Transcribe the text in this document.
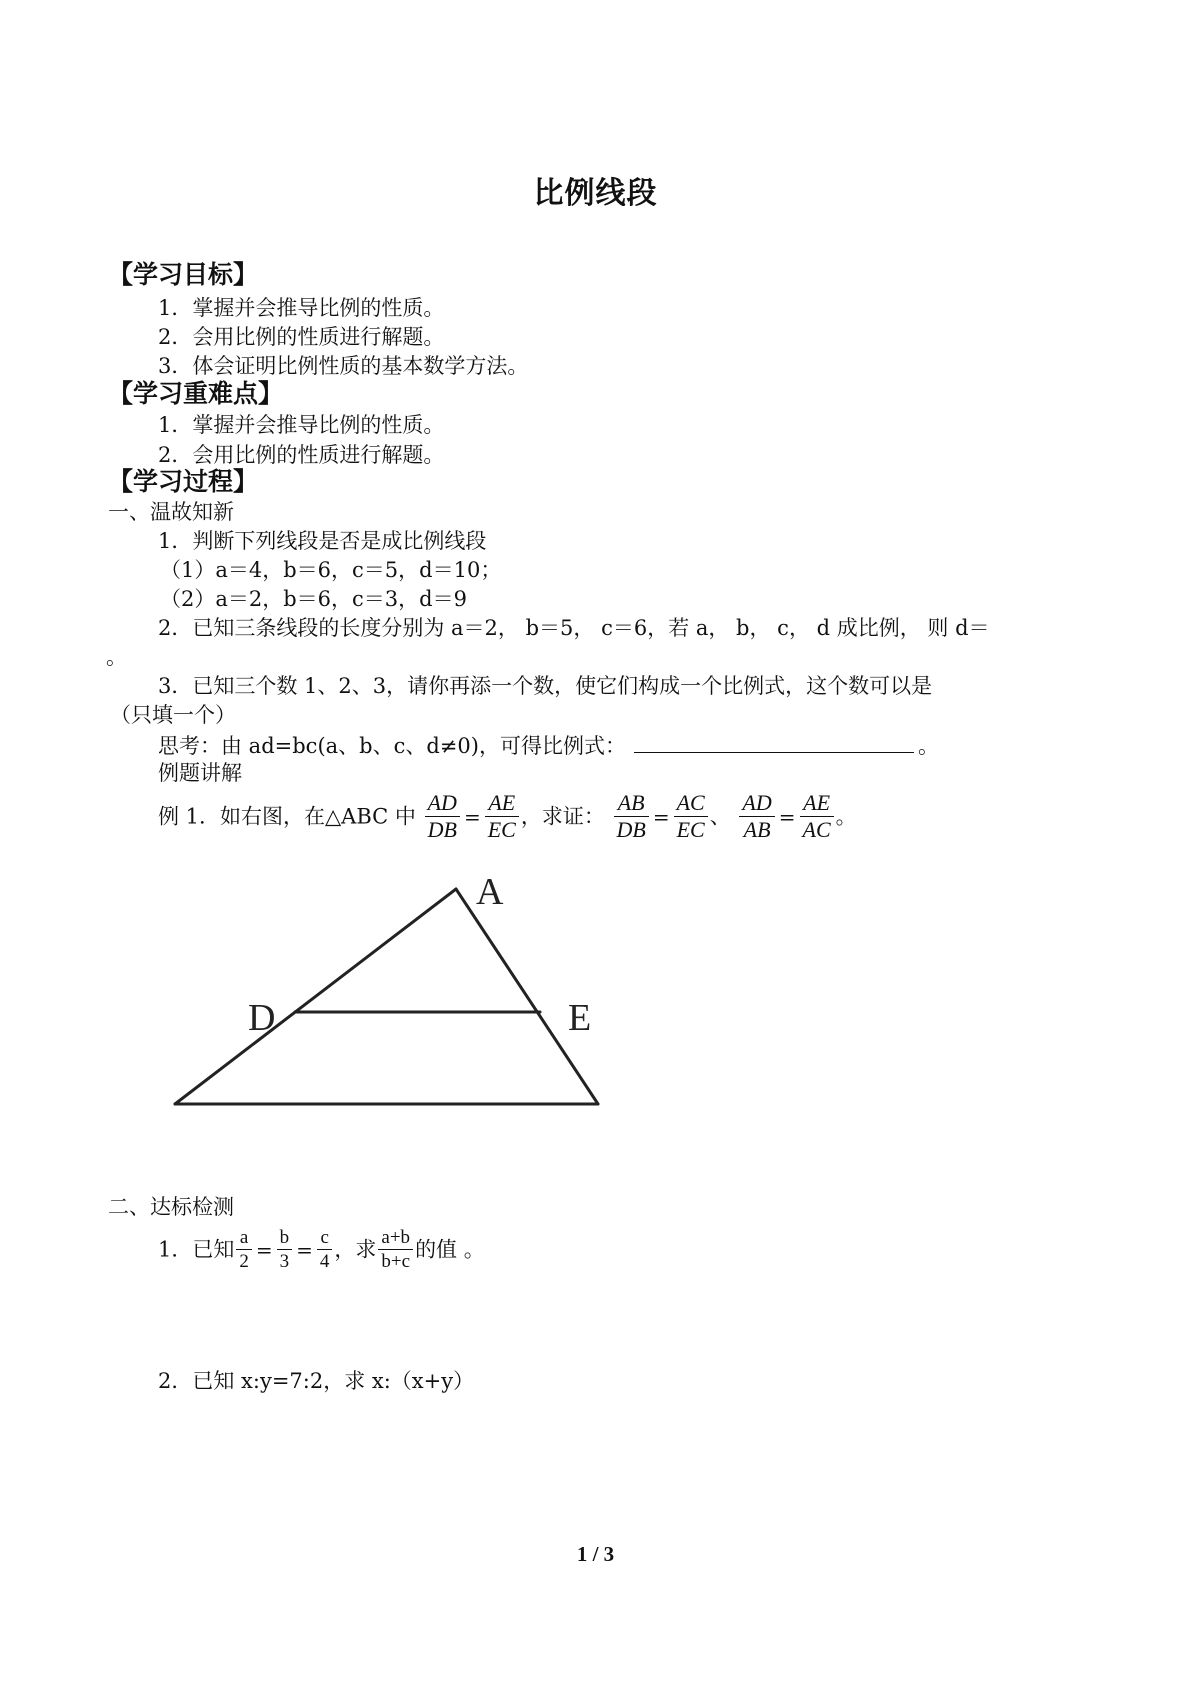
比例线段
【学习目标】
1．掌握并会推导比例的性质。
2．会用比例的性质进行解题。
3．体会证明比例性质的基本数学方法。
【学习重难点】
1．掌握并会推导比例的性质。
2．会用比例的性质进行解题。
【学习过程】
一、温故知新
1．判断下列线段是否是成比例线段
（1）a＝4，b＝6，c＝5，d＝10；
（2）a＝2，b＝6，c＝3，d＝9
2．已知三条线段的长度分别为 a＝2， b＝5， c＝6，若 a， b， c， d 成比例， 则 d＝
。
3．已知三个数 1、2、3，请你再添一个数，使它们构成一个比例式，这个数可以是
（只填一个）
思考：由 ad=bc(a、b、c、d≠0)，可得比例式：	。
例题讲解
例 1．如右图，在△ABC 中 $\frac{AD}{DB} = \frac{AE}{EC}$ ，求证： $\frac{AB}{DB} = \frac{AC}{EC}$ 、 $\frac{AD}{AB} = \frac{AE}{AC}$ 。
A
D	E
二、达标检测
1．已知 $\frac{a}{2} = \frac{b}{3} = \frac{c}{4}$ ，求 $\frac{a+b}{b+c}$ 的值 。
2．已知 x:y=7:2，求 x:（x+y）
1 / 3
